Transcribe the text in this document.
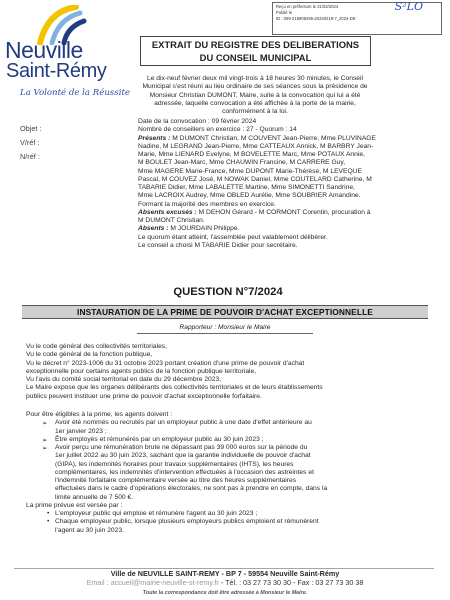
Reçu en préfecture le 21/02/2024
Publié le
ID : 059-215906285-20240219-7_2024-DE
S²LO
Neuville
Saint-Rémy
La Volonté de la Réussite
EXTRAIT DU REGISTRE DES DELIBERATIONS
DU CONSEIL MUNICIPAL
Objet :
V/réf :
N/réf :
Le dix-neuf février deux mil vingt-trois à 18 heures 30 minutes, le Conseil
Municipal s'est réuni au lieu ordinaire de ses séances sous la présidence de
Monsieur Christian DUMONT, Maire, suite à la convocation qui lui a été
adressée, laquelle convocation a été affichée à la porte de la mairie,
conformément à la loi.
Date de la convocation : 09 février 2024
Nombre de conseillers en exercice : 27 - Quorum : 14
Présents : M DUMONT Christian, M COUVENT Jean-Pierre, Mme PLUVINAGE
Nadine, M LEGRAND Jean-Pierre, Mme CATTEAUX Annick, M BARBRY Jean-
Marie, Mme LIENARD Evelyne, M BOVELETTE Marc, Mme POTAUX Annie,
M BOULET Jean-Marc, Mme CHAUWIN Francine, M CARRERE Guy,
Mme MAGERE Marie-France, Mme DUPONT Marie-Thérèse, M LEVEQUE
Pascal, M COUVEZ José, M NOWAK Daniel, Mme COUTELARD Catherine, M
TABARIE Didier, Mme LABALETTE Martine, Mme SIMONETTI Sandrine,
Mme LACROIX Audrey, Mme OBLED Aurélie, Mme SOUBRIER Amandine.
Formant la majorité des membres en exercice.
Absents excusés : M DEHON Gérard - M CORMONT Corentin, procuration à
M DUMONT Christian.
Absents : M JOURDAIN Philippe.
Le quorum étant atteint, l'assemblée peut valablement délibérer.
Le conseil a choisi M TABARIE Didier pour secrétaire.
QUESTION N°7/2024
INSTAURATION DE LA PRIME DE POUVOIR D'ACHAT EXCEPTIONNELLE
Rapporteur : Monsieur le Maire
Vu le code général des collectivités territoriales,
Vu le code général de la fonction publique,
Vu le décret n° 2023-1006 du 31 octobre 2023 portant création d'une prime de pouvoir d'achat
exceptionnelle pour certains agents publics de la fonction publique territoriale,
Vu l'avis du comité social territorial en date du 29 décembre 2023,
Le Maire expose que les organes délibérants des collectivités territoriales et de leurs établissements
publics peuvent instituer une prime de pouvoir d'achat exceptionnelle forfaitaire.
Pour être éligibles à la prime, les agents doivent :
➢ Avoir été nommés ou recrutés par un employeur public à une date d'effet antérieure au
1er janvier 2023 ;
➢ Être employés et rémunérés par un employeur public au 30 juin 2023 ;
➢ Avoir perçu une rémunération brute ne dépassant pas 39 000 euros sur la période du
1er juillet 2022 au 30 juin 2023, sachant que la garantie individuelle de pouvoir d'achat
(GIPA), les indemnités horaires pour travaux supplémentaires (IHTS), les heures
complémentaires, les indemnités d'intervention effectuées à l'occasion des astreintes et
l'indemnité forfaitaire complémentaire versée au titre des heures supplémentaires
effectuées dans le cadre d'opérations électorales, ne sont pas à prendre en compte, dans la
limite annuelle de 7 500 €.
La prime prévue est versée par :
• L'employeur public qui emploie et rémunère l'agent au 30 juin 2023 ;
• Chaque employeur public, lorsque plusieurs employeurs publics emploient et rémunèrent
l'agent au 30 juin 2023.
Ville de NEUVILLE SAINT-REMY - BP 7 - 59554 Neuville Saint-Rémy
Email : accueil@mairie-neuville-st-remy.fr - Tél. : 03 27 73 30 30 - Fax : 03 27 73 30 38
Toute la correspondance doit être adressée à Monsieur le Maire.
